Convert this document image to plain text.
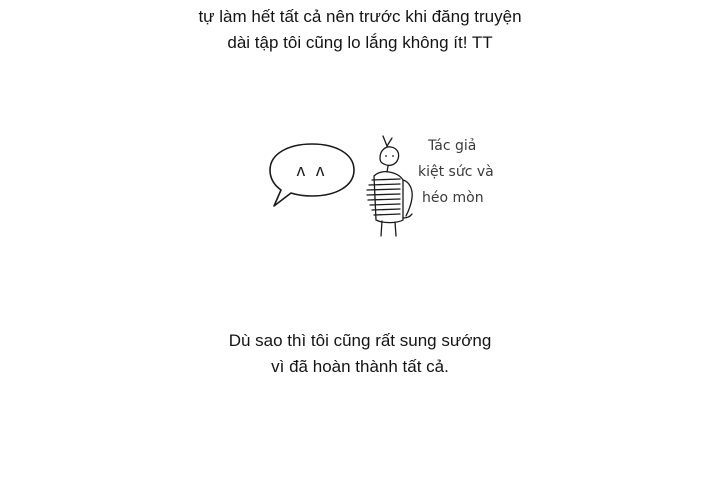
tự làm hết tất cả nên trước khi đăng truyện
dài tập tôi cũng lo lắng không ít! TT
ᴧ ᴧ
Tác giả
kiệt sức và
héo mòn
Dù sao thì tôi cũng rất sung sướng
vì đã hoàn thành tất cả.
